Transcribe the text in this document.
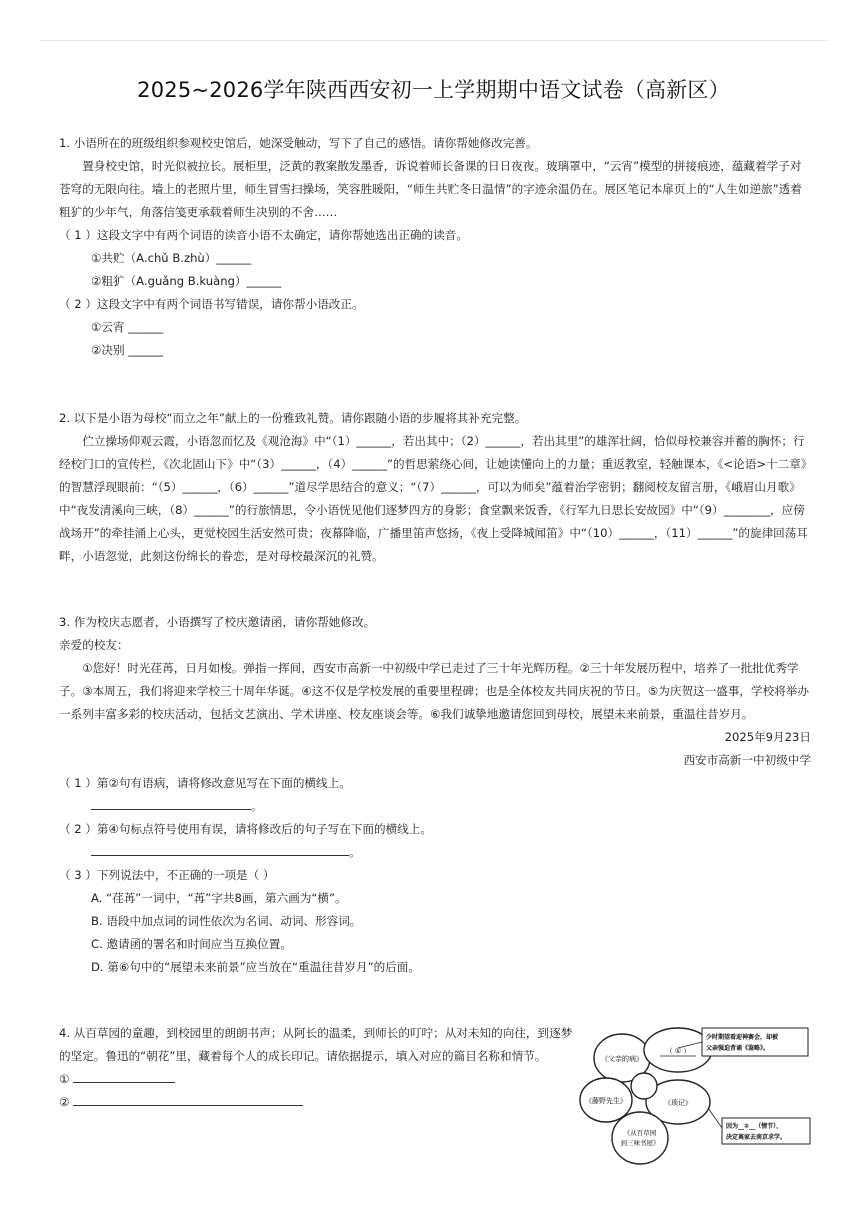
2025~2026学年陕西西安初一上学期期中语文试卷（高新区）

1. 小语所在的班级组织参观校史馆后，她深受触动，写下了自己的感悟。请你帮她修改完善。

置身校史馆，时光似被拉长。展柜里，泛黄的教案散发墨香，诉说着师长备课的日日夜夜。玻璃罩中，“云宵”模型的拼接痕迹，蕴藏着学子对苍穹的无限向往。墙上的老照片里，师生冒雪扫操场，笑容胜暖阳，“师生共贮冬日温情”的字迹余温仍在。展区笔记本扉页上的“人生如逆旅”透着粗犷的少年气，角落信笺更承载着师生决别的不舍……

（ 1 ）这段文字中有两个词语的读音小语不太确定，请你帮她选出正确的读音。

①共贮（A.chǔ B.zhù）______

②粗犷（A.guǎng B.kuàng）______

（ 2 ）这段文字中有两个词语书写错误，请你帮小语改正。

①云宵 ______

②决别 ______

2. 以下是小语为母校“而立之年”献上的一份雅致礼赞。请你跟随小语的步履将其补充完整。

伫立操场仰观云霞，小语忽而忆及《观沧海》中“（1）______，若出其中；（2）______，若出其里”的雄浑壮阔，恰似母校兼容并蓄的胸怀；行经校门口的宣传栏，《次北固山下》中“（3）______，（4）______”的哲思萦绕心间，让她读懂向上的力量；重返教室，轻触课本，《<论语>十二章》的智慧浮现眼前：“（5）______，（6）______”道尽学思结合的意义；“（7）______，可以为师矣”蕴着治学密钥；翻阅校友留言册，《峨眉山月歌》中“夜发清溪向三峡，（8）______”的行旅情思，令小语恍见他们逐梦四方的身影；食堂飘来饭香，《行军九日思长安故园》中“（9）________，应傍战场开”的牵挂涌上心头，更觉校园生活安然可贵；夜幕降临，广播里笛声悠扬，《夜上受降城闻笛》中“（10）______，（11）______”的旋律回荡耳畔，小语忽觉，此刻这份绵长的眷恋，是对母校最深沉的礼赞。

3. 作为校庆志愿者，小语撰写了校庆邀请函，请你帮她修改。

亲爱的校友：

①您好！时光荏苒，日月如梭。弹指一挥间，西安市高新一中初级中学已走过了三十年光辉历程。②三十年发展历程中，培养了一批批优秀学子。③本周五，我们将迎来学校三十周年华诞。④这不仅是学校发展的重要里程碑；也是全体校友共同庆祝的节日。⑤为庆贺这一盛事，学校将举办一系列丰富多彩的校庆活动，包括文艺演出、学术讲座、校友座谈会等。⑥我们诚挚地邀请您回到母校，展望未来前景，重温往昔岁月。

2025年9月23日

西安市高新一中初级中学

（ 1 ）第②句有语病，请将修改意见写在下面的横线上。

。

（ 2 ）第④句标点符号使用有误，请将修改后的句子写在下面的横线上。

。

（ 3 ）下列说法中，不正确的一项是（ ）

A. “荏苒”一词中，“苒”字共8画，第六画为“横”。

B. 语段中加点词的词性依次为名词、动词、形容词。

C. 邀请函的署名和时间应当互换位置。

D. 第⑥句中的“展望未来前景”应当放在“重温往昔岁月”的后面。

4. 从百草园的童趣，到校园里的朗朗书声；从阿长的温柔，到师长的叮咛；从对未知的向往，到逐梦的坚定。鲁迅的“朝花”里，藏着每个人的成长印记。请依据提示，填入对应的篇目名称和情节。

①

②

《父亲的病》
（ ① ）
《藤野先生》	《琐记》
《从百草园
到三味书屋》
少时期望看迎神赛会，却被
父亲强迫背诵《鉴略》。
因为__②__（情节），
决定离家去南京求学。
